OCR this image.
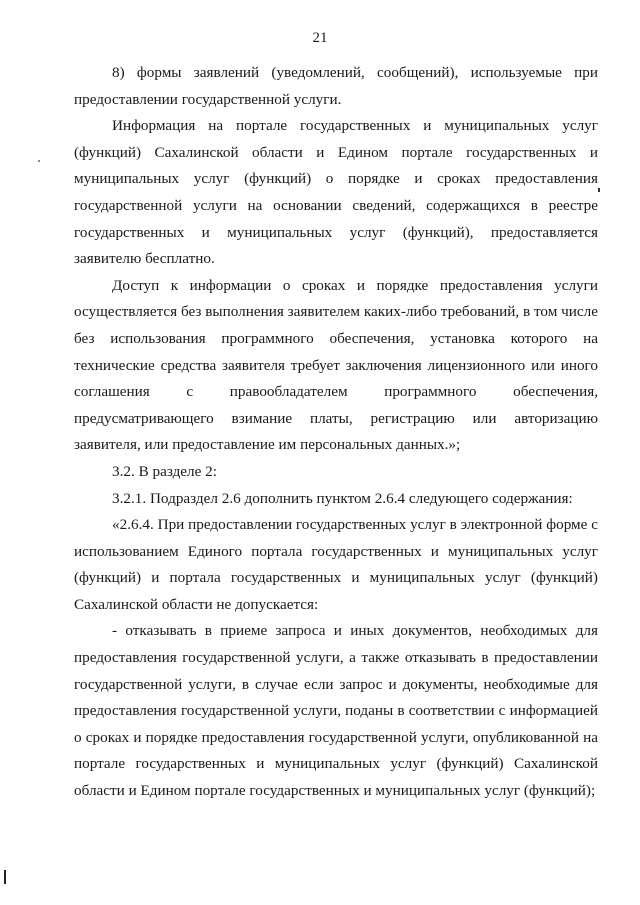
21

8) формы заявлений (уведомлений, сообщений), используемые при предоставлении государственной услуги.

Информация на портале государственных и муниципальных услуг (функций) Сахалинской области и Едином портале государственных и муниципальных услуг (функций) о порядке и сроках предоставления государственной услуги на основании сведений, содержащихся в реестре государственных и муниципальных услуг (функций), предоставляется заявителю бесплатно.

Доступ к информации о сроках и порядке предоставления услуги осуществляется без выполнения заявителем каких-либо требований, в том числе без использования программного обеспечения, установка которого на технические средства заявителя требует заключения лицензионного или иного соглашения с правообладателем программного обеспечения, предусматривающего взимание платы, регистрацию или авторизацию заявителя, или предоставление им персональных данных.»;

3.2. В разделе 2:

3.2.1. Подраздел 2.6 дополнить пунктом 2.6.4 следующего содержания:

«2.6.4. При предоставлении государственных услуг в электронной форме с использованием Единого портала государственных и муниципальных услуг (функций) и портала государственных и муниципальных услуг (функций) Сахалинской области не допускается:

- отказывать в приеме запроса и иных документов, необходимых для предоставления государственной услуги, а также отказывать в предоставлении государственной услуги, в случае если запрос и документы, необходимые для предоставления государственной услуги, поданы в соответствии с информацией о сроках и порядке предоставления государственной услуги, опубликованной на портале государственных и муниципальных услуг (функций) Сахалинской области и Едином портале государственных и муниципальных услуг (функций);
